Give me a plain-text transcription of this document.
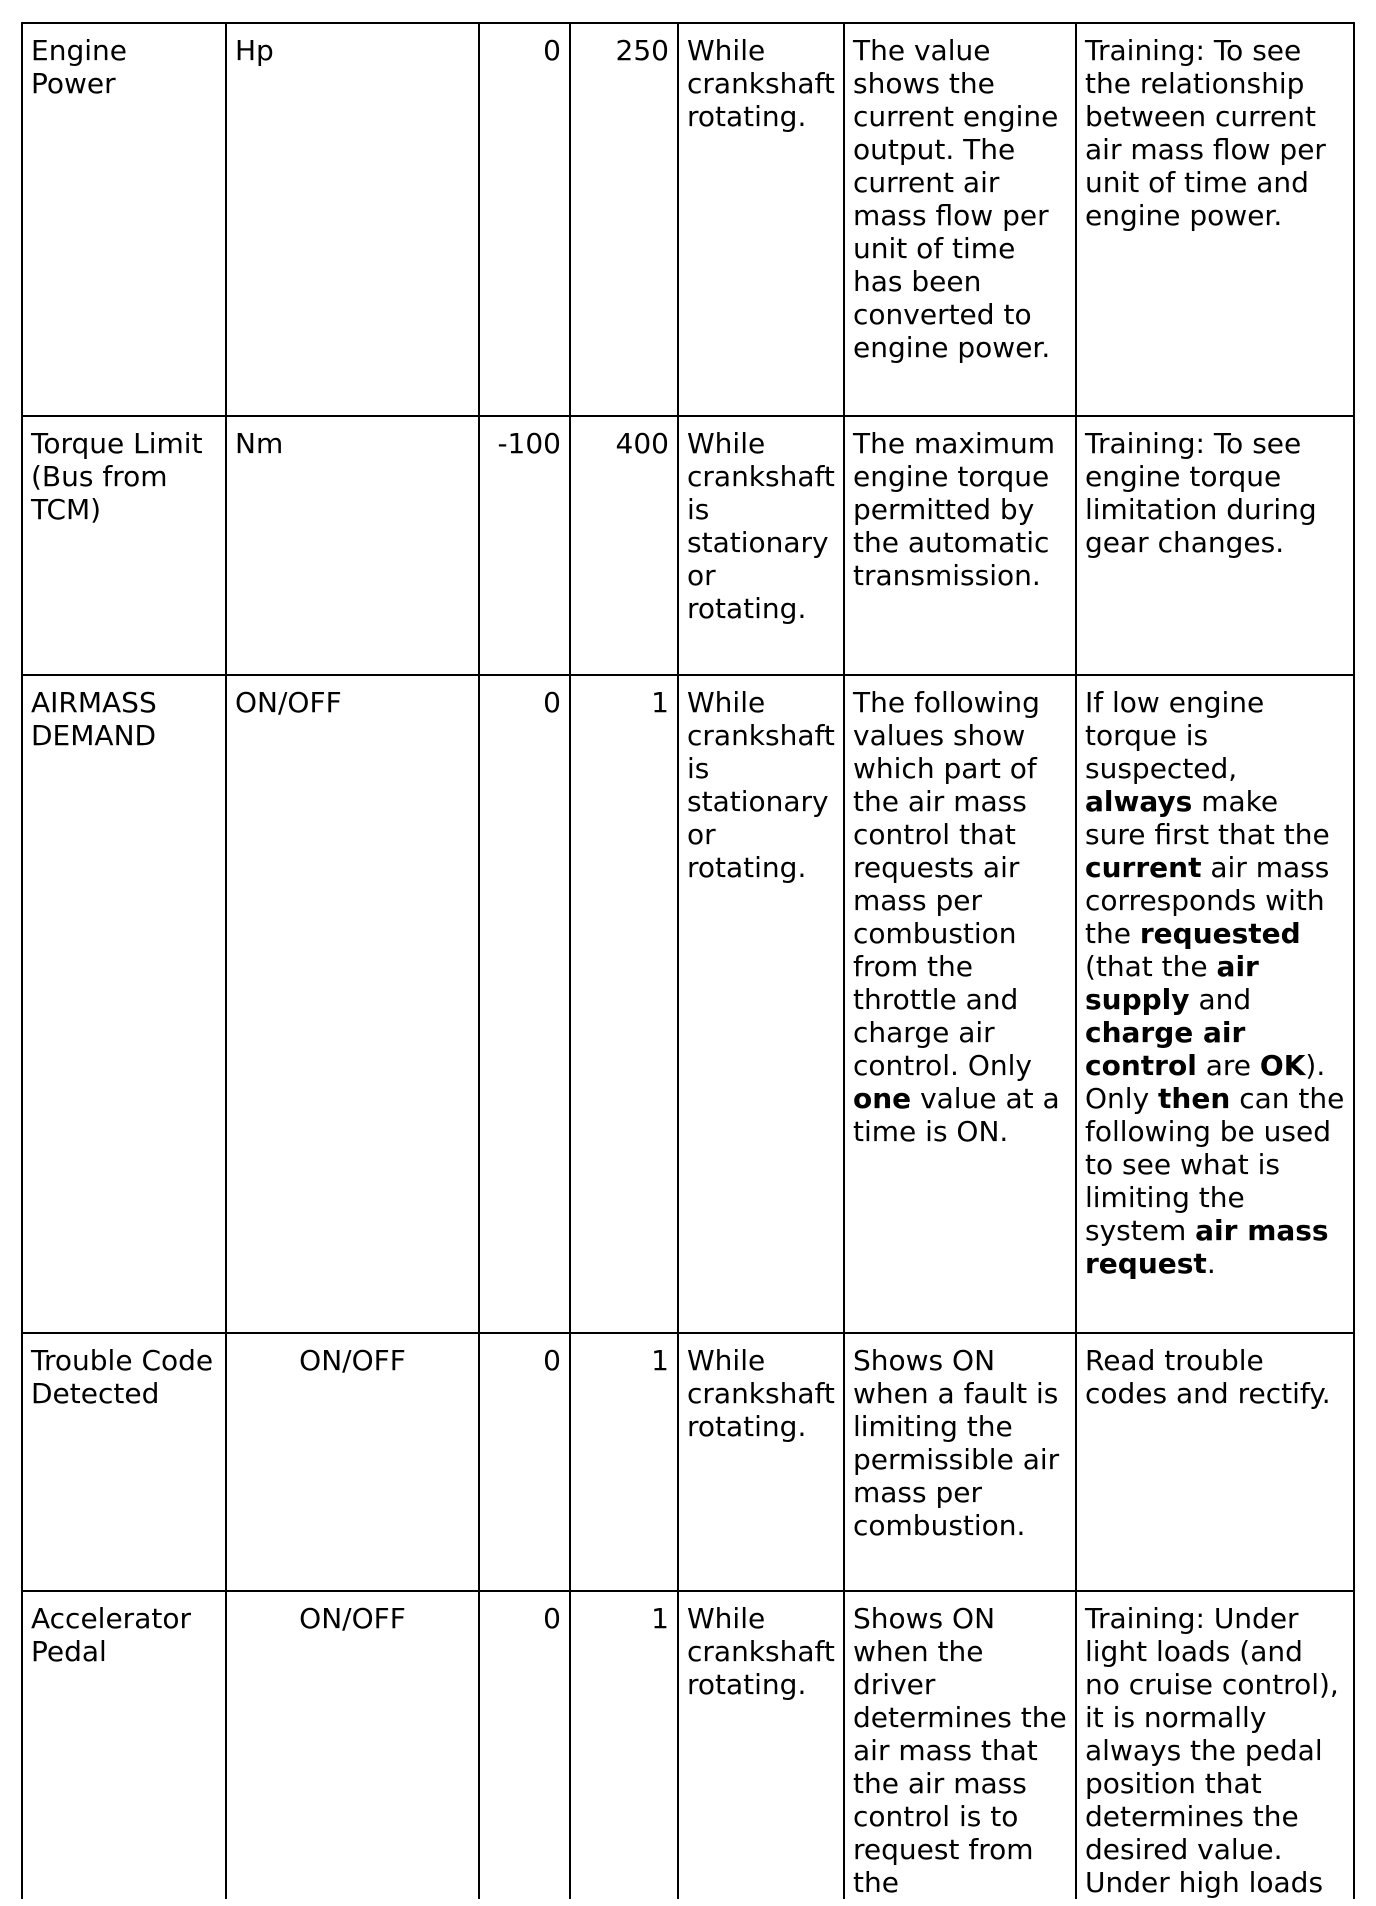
Engine Power	Hp	0	250	While crankshaft rotating.	The value shows the current engine output. The current air mass flow per unit of time has been converted to engine power.	Training: To see the relationship between current air mass flow per unit of time and engine power.
Torque Limit (Bus from TCM)	Nm	-100	400	While crankshaft is stationary or rotating.	The maximum engine torque permitted by the automatic transmission.	Training: To see engine torque limitation during gear changes.
AIRMASS DEMAND	ON/OFF	0	1	While crankshaft is stationary or rotating.	The following values show which part of the air mass control that requests air mass per combustion from the throttle and charge air control. Only one value at a time is ON.	If low engine torque is suspected, always make sure first that the current air mass corresponds with the requested (that the air supply and charge air control are OK). Only then can the following be used to see what is limiting the system air mass request.
Trouble Code Detected	ON/OFF	0	1	While crankshaft rotating.	Shows ON when a fault is limiting the permissible air mass per combustion.	Read trouble codes and rectify.
Accelerator Pedal	ON/OFF	0	1	While crankshaft rotating.	Shows ON when the driver determines the air mass that the air mass control is to request from the	Training: Under light loads (and no cruise control), it is normally always the pedal position that determines the desired value. Under high loads
